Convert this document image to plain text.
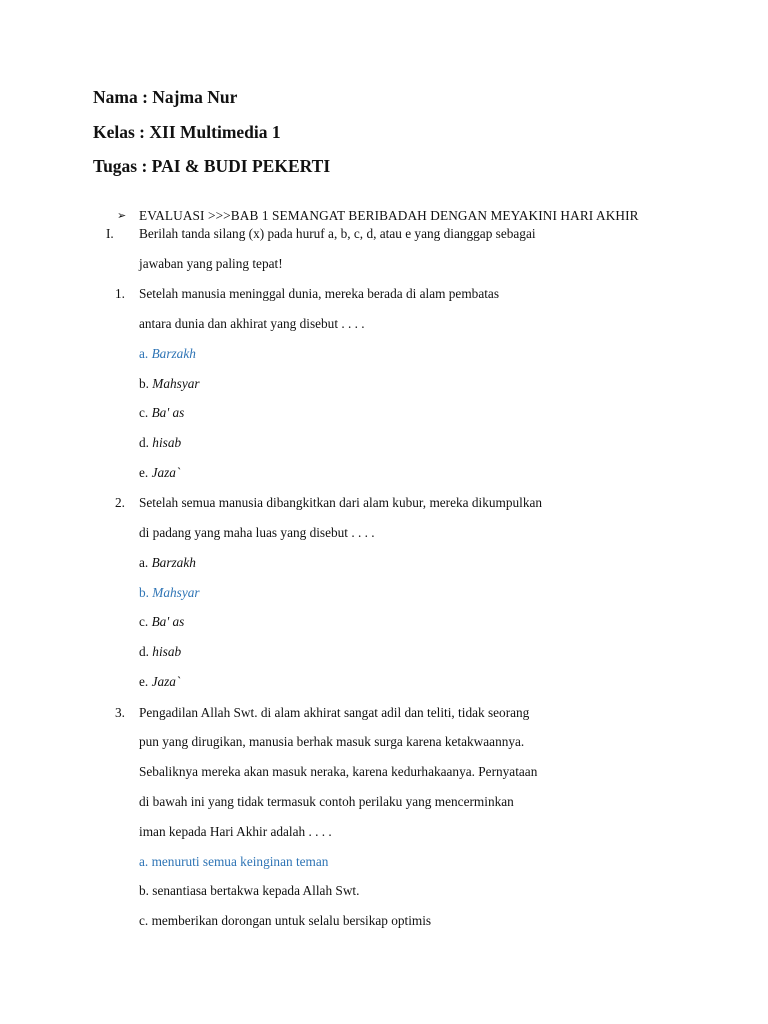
Nama : Najma Nur
Kelas : XII Multimedia 1
Tugas : PAI & BUDI PEKERTI
➢ EVALUASI >>>BAB 1 SEMANGAT BERIBADAH DENGAN MEYAKINI HARI AKHIR
I. Berilah tanda silang (x) pada huruf a, b, c, d, atau e yang dianggap sebagai
jawaban yang paling tepat!
1. Setelah manusia meninggal dunia, mereka berada di alam pembatas
antara dunia dan akhirat yang disebut . . . .
a. Barzakh
b. Mahsyar
c. Ba' as
d. hisab
e. Jaza`
2. Setelah semua manusia dibangkitkan dari alam kubur, mereka dikumpulkan
di padang yang maha luas yang disebut . . . .
a. Barzakh
b. Mahsyar
c. Ba' as
d. hisab
e. Jaza`
3. Pengadilan Allah Swt. di alam akhirat sangat adil dan teliti, tidak seorang
pun yang dirugikan, manusia berhak masuk surga karena ketakwaannya.
Sebaliknya mereka akan masuk neraka, karena kedurhakaanya. Pernyataan
di bawah ini yang tidak termasuk contoh perilaku yang mencerminkan
iman kepada Hari Akhir adalah . . . .
a. menuruti semua keinginan teman
b. senantiasa bertakwa kepada Allah Swt.
c. memberikan dorongan untuk selalu bersikap optimis
